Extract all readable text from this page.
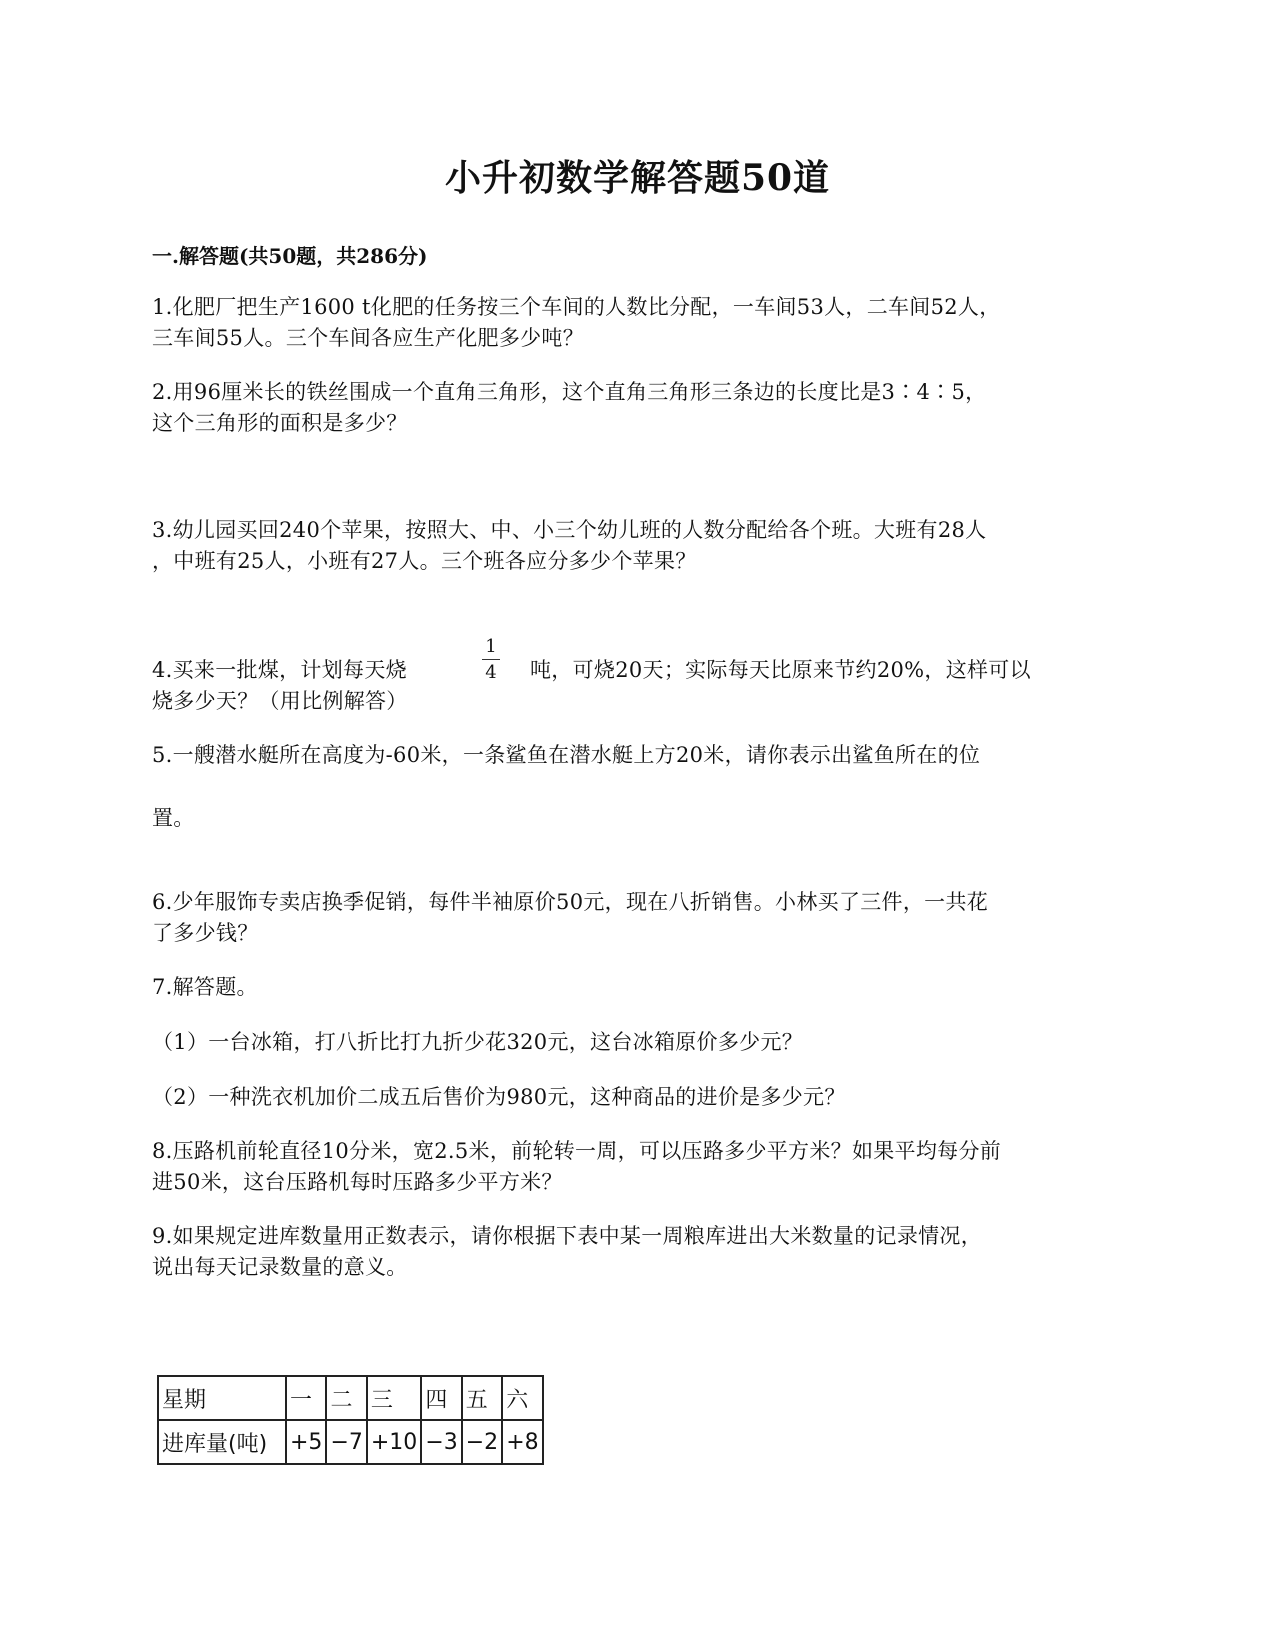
小升初数学解答题50道
一.解答题(共50题，共286分)
1.化肥厂把生产1600 t化肥的任务按三个车间的人数比分配，一车间53人，二车间52人，
三车间55人。三个车间各应生产化肥多少吨？
2.用96厘米长的铁丝围成一个直角三角形，这个直角三角形三条边的长度比是3∶4∶5，
这个三角形的面积是多少？
3.幼儿园买回240个苹果，按照大、中、小三个幼儿班的人数分配给各个班。大班有28人
，中班有25人，小班有27人。三个班各应分多少个苹果？
4.买来一批煤，计划每天烧
1
4 吨，可烧20天；实际每天比原来节约20%，这样可以
烧多少天？（用比例解答）
5.一艘潜水艇所在高度为-60米，一条鲨鱼在潜水艇上方20米，请你表示出鲨鱼所在的位
置。
6.少年服饰专卖店换季促销，每件半袖原价50元，现在八折销售。小林买了三件，一共花
了多少钱？
7.解答题。
（1）一台冰箱，打八折比打九折少花320元，这台冰箱原价多少元？
（2）一种洗衣机加价二成五后售价为980元，这种商品的进价是多少元？
8.压路机前轮直径10分米，宽2.5米，前轮转一周，可以压路多少平方米？如果平均每分前
进50米，这台压路机每时压路多少平方米？
9.如果规定进库数量用正数表示，请你根据下表中某一周粮库进出大米数量的记录情况，
说出每天记录数量的意义。
星期	一	二	三	四	五	六
进库量(吨)	+5	−7	+10	−3	−2	+8
